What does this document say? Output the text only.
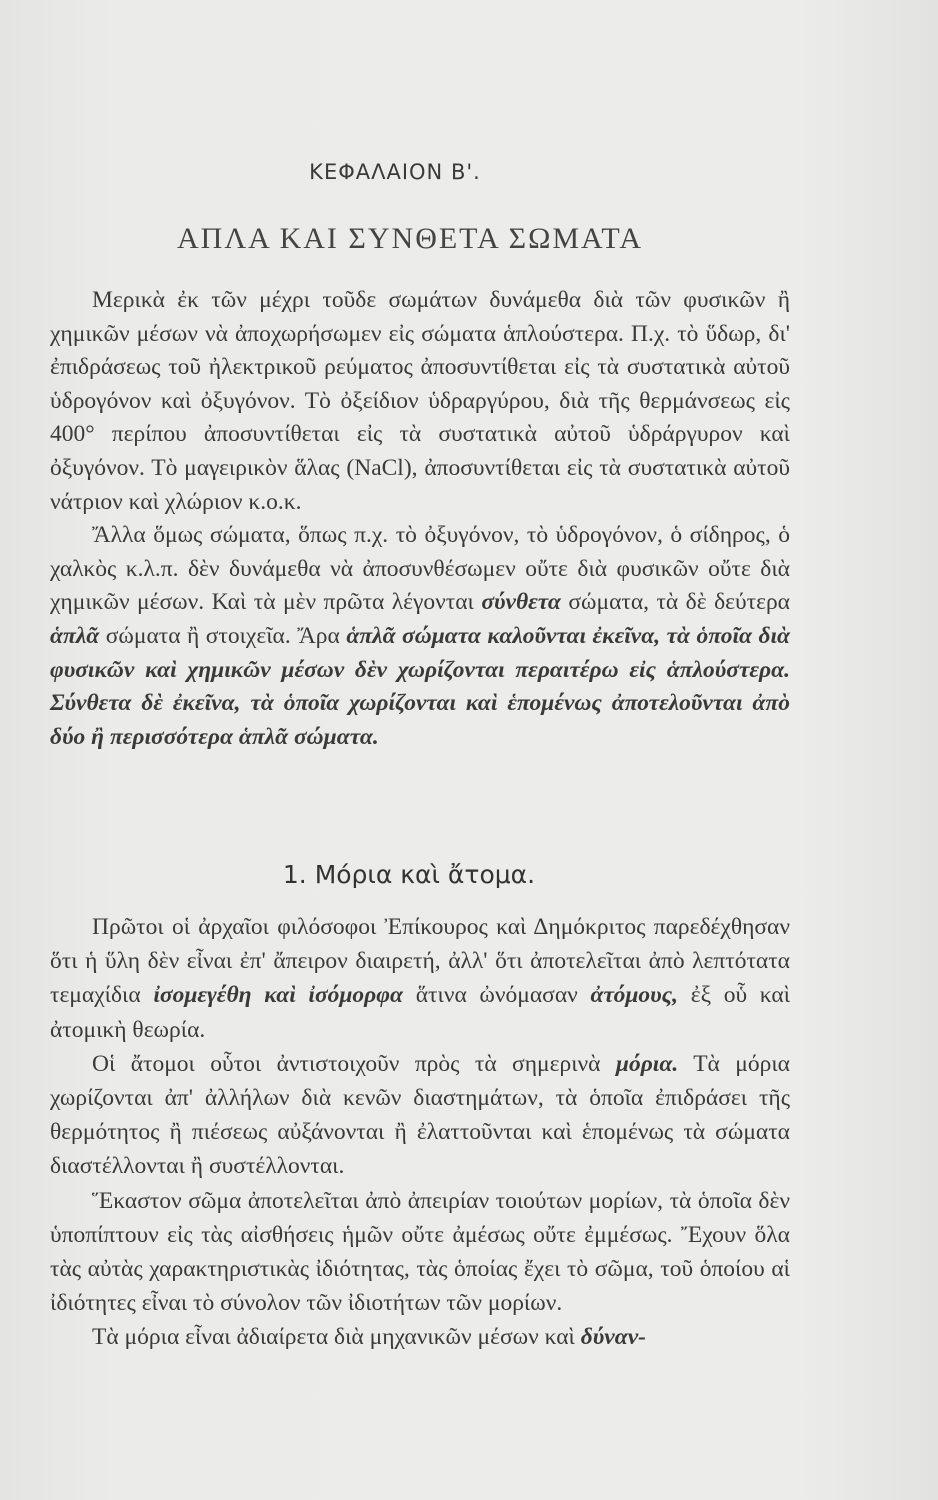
ΚΕΦΑΛΑΙΟΝ Β'.
ΑΠΛΑ ΚΑΙ ΣΥΝΘΕΤΑ ΣΩΜΑΤΑ

Μερικὰ ἐκ τῶν μέχρι τοῦδε σωμάτων δυνάμεθα διὰ τῶν φυσικῶν ἢ χημικῶν μέσων νὰ ἀποχωρήσωμεν εἰς σώματα ἁπλούστερα. Π.χ. τὸ ὕδωρ, δι' ἐπιδράσεως τοῦ ἠλεκτρικοῦ ρεύματος ἀποσυντίθεται εἰς τὰ συστατικὰ αὐτοῦ ὑδρογόνον καὶ ὀξυγόνον. Τὸ ὀξείδιον ὑδραργύρου, διὰ τῆς θερμάνσεως εἰς 400° περίπου ἀποσυντίθεται εἰς τὰ συστατικὰ αὐτοῦ ὑδράργυρον καὶ ὀξυγόνον. Τὸ μαγειρικὸν ἅλας (NaCl), ἀποσυντίθεται εἰς τὰ συστατικὰ αὐτοῦ νάτριον καὶ χλώριον κ.ο.κ.

Ἄλλα ὅμως σώματα, ὅπως π.χ. τὸ ὀξυγόνον, τὸ ὑδρογόνον, ὁ σίδηρος, ὁ χαλκὸς κ.λ.π. δὲν δυνάμεθα νὰ ἀποσυνθέσωμεν οὔτε διὰ φυσικῶν οὔτε διὰ χημικῶν μέσων. Καὶ τὰ μὲν πρῶτα λέγονται σύνθετα σώματα, τὰ δὲ δεύτερα ἁπλᾶ σώματα ἢ στοιχεῖα. Ἄρα ἁπλᾶ σώματα καλοῦνται ἐκεῖνα, τὰ ὁποῖα διὰ φυσικῶν καὶ χημικῶν μέσων δὲν χωρίζονται περαιτέρω εἰς ἁπλούστερα. Σύνθετα δὲ ἐκεῖνα, τὰ ὁποῖα χωρίζονται καὶ ἑπομένως ἀποτελοῦνται ἀπὸ δύο ἢ περισσότερα ἁπλᾶ σώματα.

1. Μόρια καὶ ἄτομα.

Πρῶτοι οἱ ἀρχαῖοι φιλόσοφοι Ἐπίκουρος καὶ Δημόκριτος παρεδέχθησαν ὅτι ἡ ὕλη δὲν εἶναι ἐπ' ἄπειρον διαιρετή, ἀλλ' ὅτι ἀποτελεῖται ἀπὸ λεπτότατα τεμαχίδια ἰσομεγέθη καὶ ἰσόμορφα ἅτινα ὠνόμασαν ἀτόμους, ἐξ οὗ καὶ ἀτομικὴ θεωρία.

Οἱ ἄτομοι οὗτοι ἀντιστοιχοῦν πρὸς τὰ σημερινὰ μόρια. Τὰ μόρια χωρίζονται ἀπ' ἀλλήλων διὰ κενῶν διαστημάτων, τὰ ὁποῖα ἐπιδράσει τῆς θερμότητος ἢ πιέσεως αὐξάνονται ἢ ἐλαττοῦνται καὶ ἑπομένως τὰ σώματα διαστέλλονται ἢ συστέλλονται.

Ἕκαστον σῶμα ἀποτελεῖται ἀπὸ ἀπειρίαν τοιούτων μορίων, τὰ ὁποῖα δὲν ὑποπίπτουν εἰς τὰς αἰσθήσεις ἡμῶν οὔτε ἀμέσως οὔτε ἐμμέσως. Ἔχουν ὅλα τὰς αὐτὰς χαρακτηριστικὰς ἰδιότητας, τὰς ὁποίας ἔχει τὸ σῶμα, τοῦ ὁποίου αἱ ἰδιότητες εἶναι τὸ σύνολον τῶν ἰδιοτήτων τῶν μορίων.

Τὰ μόρια εἶναι ἀδιαίρετα διὰ μηχανικῶν μέσων καὶ δύναν-
